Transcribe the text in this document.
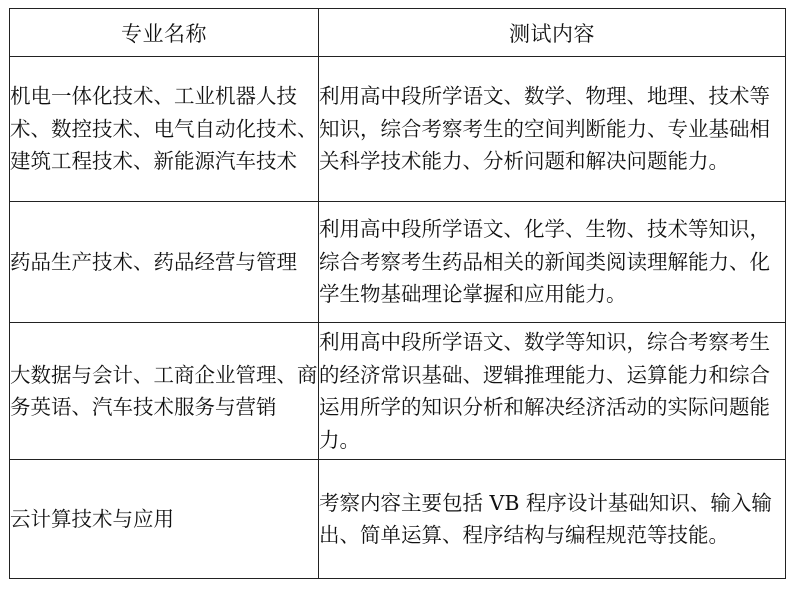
专业名称	测试内容
机电一体化技术、工业机器人技术、数控技术、电气自动化技术、建筑工程技术、新能源汽车技术	利用高中段所学语文、数学、物理、地理、技术等知识，综合考察考生的空间判断能力、专业基础相关科学技术能力、分析问题和解决问题能力。
药品生产技术、药品经营与管理	利用高中段所学语文、化学、生物、技术等知识，综合考察考生药品相关的新闻类阅读理解能力、化学生物基础理论掌握和应用能力。
大数据与会计、工商企业管理、商务英语、汽车技术服务与营销	利用高中段所学语文、数学等知识，综合考察考生的经济常识基础、逻辑推理能力、运算能力和综合运用所学的知识分析和解决经济活动的实际问题能力。
云计算技术与应用	考察内容主要包括 VB 程序设计基础知识、输入输出、简单运算、程序结构与编程规范等技能。
